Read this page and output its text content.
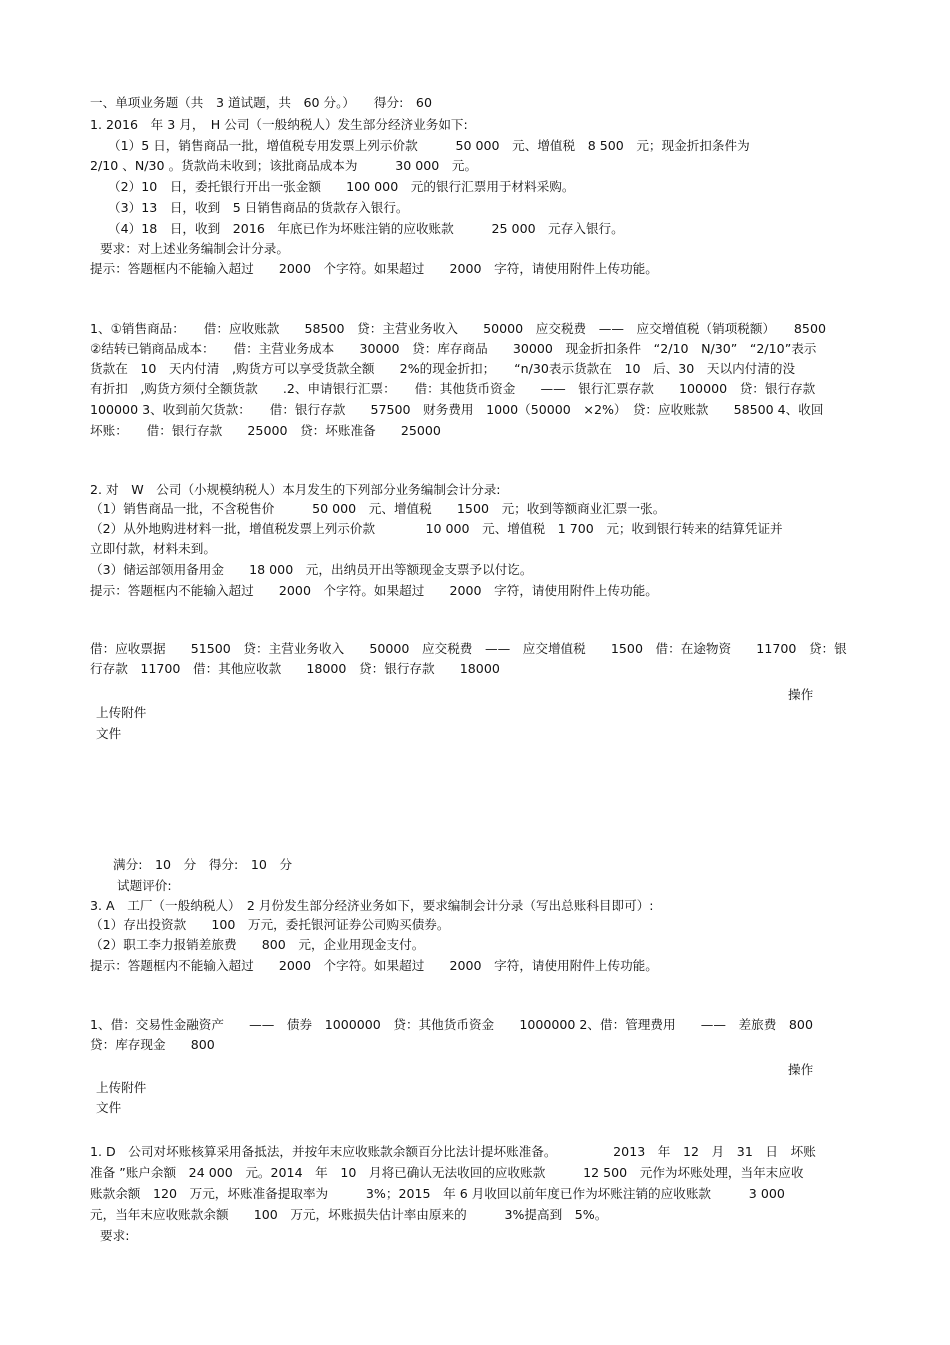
一、单项业务题（共　3 道试题，共　60 分。）　　得分:　60
1. 2016　年 3 月，　H 公司（一般纳税人）发生部分经济业务如下:
（1）5 日，销售商品一批，增值税专用发票上列示价款　　　50 000　元、增值税　8 500　元；现金折扣条件为
2/10 、N/30 。货款尚未收到；该批商品成本为　　　30 000　元。
（2）10　日，委托银行开出一张金额　　100 000　元的银行汇票用于材料采购。
（3）13　日，收到　5 日销售商品的货款存入银行。
（4）18　日，收到　2016　年底已作为坏账注销的应收账款　　　25 000　元存入银行。
要求：对上述业务编制会计分录。
提示：答题框内不能输入超过　　2000　个字符。如果超过　　2000　字符，请使用附件上传功能。
1、①销售商品：　　借：应收账款　　58500　贷：主营业务收入　　50000　应交税费　——　应交增值税（销项税额）　　8500
②结转已销商品成本：　　借：主营业务成本　　30000　贷：库存商品　　30000　现金折扣条件　“2/10　N/30”　“2/10”表示
货款在　10　天内付清　,购货方可以享受货款全额　　2%的现金折扣；　　“n/30表示货款在　10　后、30　天以内付清的没
有折扣　,购货方须付全额货款　　.2、申请银行汇票：　　借：其他货币资金　　——　银行汇票存款　　100000　贷：银行存款
100000 3、收到前欠货款：　　借：银行存款　　57500　财务费用　1000（50000　×2%）　贷：应收账款　　58500 4、收回
坏账：　　借：银行存款　　25000　贷：坏账准备　　25000
2. 对　W　公司（小规模纳税人）本月发生的下列部分业务编制会计分录:
（1）销售商品一批，不含税售价　　　50 000　元、增值税　　1500　元；收到等额商业汇票一张。
（2）从外地购进材料一批，增值税发票上列示价款　　　　10 000　元、增值税　1 700　元；收到银行转来的结算凭证并
立即付款，材料未到。
（3）储运部领用备用金　　18 000　元，出纳员开出等额现金支票予以付讫。
提示：答题框内不能输入超过　　2000　个字符。如果超过　　2000　字符，请使用附件上传功能。
借：应收票据　　51500　贷：主营业务收入　　50000　应交税费　——　应交增值税　　1500　借：在途物资　　11700　贷：银
行存款　11700　借：其他应收款　　18000　贷：银行存款　　18000
操作
上传附件
文件
满分:　10　分　得分:　10　分
试题评价:
3. A　工厂（一般纳税人）　2 月份发生部分经济业务如下，要求编制会计分录（写出总账科目即可）:
（1）存出投资款　　100　万元，委托银河证券公司购买债券。
（2）职工李力报销差旅费　　800　元，企业用现金支付。
提示：答题框内不能输入超过　　2000　个字符。如果超过　　2000　字符，请使用附件上传功能。
1、借：交易性金融资产　　——　债券　1000000　贷：其他货币资金　　1000000 2、借：管理费用　　——　差旅费　800
贷：库存现金　　800
操作
上传附件
文件
1. D　公司对坏账核算采用备抵法，并按年末应收账款余额百分比法计提坏账准备。　　　　　2013　年　12　月　31　日　坏账
准备 ”账户余额　24 000　元。2014　年　10　月将已确认无法收回的应收账款　　　12 500　元作为坏账处理，当年末应收
账款余额　120　万元，坏账准备提取率为　　　3%；2015　年 6 月收回以前年度已作为坏账注销的应收账款　　　3 000
元，当年末应收账款余额　　100　万元，坏账损失估计率由原来的　　　3%提高到　5%。
要求:
